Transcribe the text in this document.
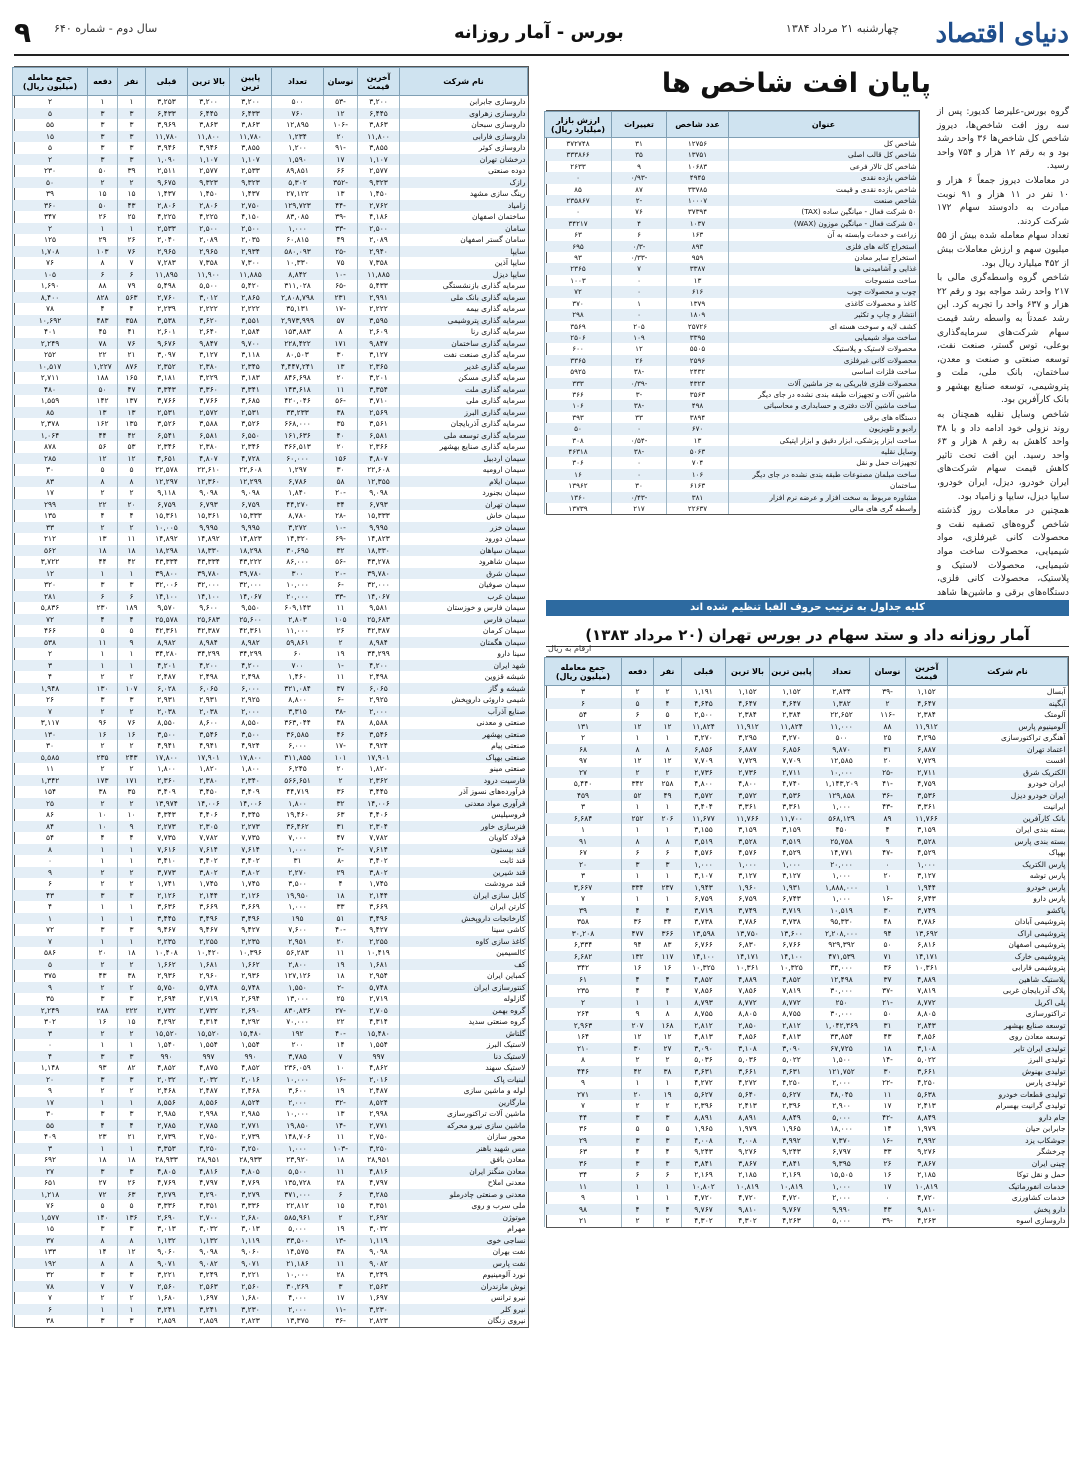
دنیای اقتصاد
چهارشنبه ۲۱ مرداد ۱۳۸۴
بورس - آمار روزانه
سال دوم - شماره ۶۴۰
۹
نام شرکت	آخرین قیمت	نوسان	تعداد	پایین ترین	بالا ترین	قبلی	نفر	دفعه	جمع معامله (میلیون ریال)
داروسازی جابرابن	۳,۲۰۰	-۵۳	۵۰۰	۳,۲۰۰	۳,۲۰۰	۳,۲۵۳	۱	۱	۲
داروسازی زهراوی	۶,۴۴۵	۱۲	۷۶۰	۶,۴۳۳	۶,۴۴۵	۶,۴۳۳	۳	۳	۵
داروسازی سبحان	۳,۸۶۳	-۱۰۶	۱۲,۸۹۵	۳,۸۶۳	۳,۸۶۳	۳,۹۶۹	۳	۳	۵۵
داروسازی فارابی	۱۱,۸۰۰	۲۰	۱,۲۳۴	۱۱,۷۸۰	۱۱,۸۰۰	۱۱,۷۸۰	۳	۳	۱۵
داروسازی کوثر	۳,۸۵۵	-۹۱	۱,۲۰۰	۳,۸۵۵	۳,۹۴۶	۳,۹۴۶	۳	۳	۵
درخشان تهران	۱,۱۰۷	۱۷	۱,۵۹۰	۱,۱۰۷	۱,۱۰۷	۱,۰۹۰	۳	۳	۲
دوده صنعتی	۲,۵۷۷	۶۶	۸۹,۸۵۱	۲,۵۳۳	۲,۵۷۷	۲,۵۱۱	۳۹	۵۰	۲۳۰
رازک	۹,۳۲۳	-۳۵۲	۵,۳۰۲	۹,۳۲۳	۹,۳۲۳	۹,۶۷۵	۲	۲	۵۰
رینگ سازی مشهد	۱,۴۵۰	۱۳	۲۷,۱۲۲	۱,۴۳۷	۱,۴۵۰	۱,۴۳۷	۱۵	۱۵	۳۹
زامیاد	۲,۷۶۲	-۴۴	۱۲۹,۷۲۳	۲,۷۵۰	۲,۸۰۶	۲,۸۰۶	۴۳	۵۰	۳۶۰
ساختمان اصفهان	۴,۱۸۶	-۳۹	۸۳,۰۸۵	۴,۱۵۰	۴,۲۲۵	۴,۲۲۵	۲۵	۲۶	۳۴۷
سامان	۲,۵۰۰	-۳۳	۱,۰۰۰	۲,۵۰۰	۲,۵۰۰	۲,۵۳۳	۱	۱	۲
سامان گستر اصفهان	۲,۰۸۹	۴۹	۶۰,۸۱۵	۲,۰۳۵	۲,۰۸۹	۲,۰۴۰	۲۶	۲۹	۱۲۵
سایپا	۲,۹۴۰	-۲۵	۵۸۰,۰۹۳	۲,۹۳۴	۲,۹۶۵	۲,۹۶۵	۷۶	۱۰۳	۱,۷۰۸
سایپا آذین	۷,۳۵۸	۷۵	۱۰,۳۳۰	۷,۳۰۰	۷,۳۵۸	۷,۲۸۳	۷	۸	۷۶
سایپا دیزل	۱۱,۸۸۵	-۱۰	۸,۸۴۲	۱۱,۸۸۵	۱۱,۹۰۰	۱۱,۸۹۵	۶	۶	۱۰۵
سرمایه گذاری بازنشستگی	۵,۴۳۳	-۶۵	۳۱۱,۰۲۸	۵,۴۲۰	۵,۵۰۰	۵,۴۹۸	۷۹	۸۸	۱,۶۹۰
سرمایه گذاری بانک ملی	۲,۹۹۱	۲۳۱	۲,۸۰۸,۷۹۸	۲,۸۶۵	۳,۰۱۲	۲,۷۶۰	۵۶۳	۸۲۸	۸,۴۰۰
سرمایه گذاری بیمه	۲,۲۲۲	-۱۷	۳۵,۱۳۱	۲,۲۲۲	۲,۲۲۲	۲,۲۳۹	۴	۴	۷۸
سرمایه گذاری پتروشیمی	۳,۵۹۵	۵۷	۲,۹۷۳,۹۹۹	۳,۵۵۱	۳,۶۲۰	۳,۵۳۸	۳۵۸	۴۸۳	۱۰,۶۹۲
سرمایه گذاری رنا	۲,۶۰۹	۸	۱۵۳,۸۸۳	۲,۵۸۴	۲,۶۴۰	۲,۶۰۱	۴۱	۴۵	۴۰۱
سرمایه گذاری ساختمان	۹,۸۴۷	۱۷۱	۲۲۸,۴۲۲	۹,۷۰۰	۹,۸۴۷	۹,۶۷۶	۷۶	۷۸	۲,۲۴۹
سرمایه گذاری صنعت نفت	۳,۱۲۷	۳۰	۸۰,۵۰۳	۳,۱۱۸	۳,۱۲۷	۳,۰۹۷	۲۱	۲۲	۲۵۲
سرمایه گذاری غدیر	۲,۳۶۵	۱۳	۴,۴۴۷,۲۴۱	۲,۳۴۵	۲,۳۸۰	۲,۳۵۲	۸۷۶	۱,۲۲۷	۱۰,۵۱۷
سرمایه گذاری مسکن	۳,۲۰۱	۲۰	۸۴۶,۶۹۸	۳,۱۸۳	۳,۲۲۹	۳,۱۸۱	۱۶۵	۱۸۸	۲,۷۱۱
سرمایه گذاری ملت	۳,۳۵۴	۱۱	۱۴۳,۶۱۸	۳,۳۴۱	۳,۳۶۰	۳,۳۴۳	۴۷	۵۰	۴۸۰
سرمایه گذاری ملی	۳,۷۱۰	-۵۶	۴۲۰,۰۴۶	۳,۶۸۵	۳,۷۶۶	۳,۷۶۶	۱۳۷	۱۴۲	۱,۵۵۹
سرمایه گذاری البرز	۲,۵۶۹	۳۸	۳۳,۲۳۳	۲,۵۳۱	۲,۵۷۲	۲,۵۳۱	۱۳	۱۳	۸۵
سرمایه گذاری آذربایجان	۳,۵۶۱	۳۵	۶۶۸,۰۰۰	۳,۵۲۶	۳,۵۸۸	۳,۵۲۶	۱۳۵	۱۶۲	۲,۳۷۸
سرمایه گذاری توسعه ملی	۶,۵۸۱	۴۰	۱۶۱,۶۳۶	۶,۵۵۰	۶,۵۸۱	۶,۵۴۱	۴۲	۴۴	۱,۰۶۴
سرمایه گذاری صنایع بهشهر	۲,۳۶۶	۲۰	۳۶۶,۵۱۳	۲,۳۴۶	۲,۳۸۰	۲,۳۴۶	۵۳	۵۶	۸۷۸
سیمان اردبیل	۴,۸۰۷	۱۵۶	۶۰,۰۰۰	۴,۷۲۸	۴,۸۰۷	۴,۶۵۱	۱۲	۱۲	۲۸۵
سیمان ارومیه	۲۲,۶۰۸	۳۰	۱,۲۹۷	۲۲,۶۰۸	۲۲,۶۱۰	۲۲,۵۷۸	۵	۵	۳۰
سیمان ایلام	۱۲,۳۵۵	۵۸	۶,۷۸۶	۱۲,۲۹۹	۱۲,۳۶۰	۱۲,۲۹۷	۸	۸	۸۳
سیمان بجنورد	۹,۰۹۸	-۲۰	۱,۸۴۰	۹,۰۹۸	۹,۰۹۸	۹,۱۱۸	۲	۲	۱۷
سیمان تهران	۶,۷۹۳	۳۴	۴۴,۲۷۰	۶,۷۵۹	۶,۷۹۳	۶,۷۵۹	۲۰	۲۲	۲۹۹
سیمان خاش	۱۵,۳۳۳	-۲۸	۸,۷۸۰	۱۵,۳۳۳	۱۵,۳۶۱	۱۵,۳۶۱	۴	۴	۱۳۵
سیمان خزر	۹,۹۹۵	-۱۰	۳,۲۷۲	۹,۹۹۵	۹,۹۹۵	۱۰,۰۰۵	۲	۲	۳۳
سیمان دورود	۱۴,۸۲۳	-۶۹	۱۴,۳۲۰	۱۴,۸۲۳	۱۴,۸۹۲	۱۴,۸۹۲	۱۱	۱۳	۲۱۲
سیمان سپاهان	۱۸,۳۳۰	۳۲	۳۰,۶۹۵	۱۸,۲۹۸	۱۸,۳۳۰	۱۸,۲۹۸	۱۸	۱۸	۵۶۲
سیمان شاهرود	۴۳,۲۷۸	-۵۶	۸۶,۰۰۰	۴۳,۲۲۲	۴۳,۳۳۴	۴۳,۳۳۴	۴۲	۴۴	۳,۷۲۲
سیمان شرق	۳۹,۷۸۰	-۲۰	۳۰۰	۳۹,۷۸۰	۳۹,۷۸۰	۳۹,۸۰۰	۱	۱	۱۲
سیمان صوفیان	۳۲,۰۰۰	-۶	۱۰,۰۰۰	۳۲,۰۰۰	۳۲,۰۰۰	۳۲,۰۰۶	۳	۳	۳۲۰
سیمان غرب	۱۴,۰۶۷	-۳۳	۲۰,۰۰۰	۱۴,۰۶۷	۱۴,۱۰۰	۱۴,۱۰۰	۶	۶	۲۸۱
سیمان فارس و خوزستان	۹,۵۸۱	۱۱	۶۰۹,۱۴۳	۹,۵۵۰	۹,۶۰۰	۹,۵۷۰	۱۸۹	۲۳۰	۵,۸۳۶
سیمان فارس	۲۵,۶۸۳	۱۰۵	۲,۸۰۳	۲۵,۶۰۰	۲۵,۶۸۳	۲۵,۵۷۸	۴	۴	۷۲
سیمان کرمان	۴۲,۳۸۷	۲۶	۱۱,۰۰۰	۴۲,۳۶۱	۴۲,۳۸۷	۴۲,۳۶۱	۵	۵	۴۶۶
سیمان هگمتان	۸,۹۸۴	۲	۵۹,۸۶۱	۸,۹۸۲	۸,۹۸۴	۸,۹۸۲	۹	۱۱	۵۳۸
سینا دارو	۳۴,۲۹۹	۱۹	۶۰	۳۴,۲۹۹	۳۴,۲۹۹	۳۴,۲۸۰	۱	۱	۲
شهد ایران	۴,۲۰۰	-۱	۷۰۰	۴,۲۰۰	۴,۲۰۰	۴,۲۰۱	۱	۱	۳
شیشه قزوین	۲,۴۹۸	۱۱	۱,۴۶۰	۲,۴۹۸	۲,۴۹۸	۲,۴۸۷	۲	۲	۴
شیشه و گاز	۶,۰۶۵	۳۷	۳۲۱,۰۸۴	۶,۰۰۰	۶,۰۶۵	۶,۰۲۸	۱۰۷	۱۳۰	۱,۹۴۸
شیمی داروئی داروپخش	۲,۹۲۵	-۶	۸,۸۰۰	۲,۹۲۵	۲,۹۳۱	۲,۹۳۱	۳	۳	۲۶
صنایع آذرآب	۲,۰۰۰	-۳۸	۳,۳۱۵	۲,۰۰۰	۲,۰۳۸	۲,۰۳۸	۲	۲	۷
صنعتی و معدنی	۸,۵۸۸	۳۸	۳۶۳,۰۴۴	۸,۵۵۰	۸,۶۰۰	۸,۵۵۰	۷۶	۹۶	۳,۱۱۷
صنعتی بهشهر	۳,۵۴۶	۴۶	۳۶,۵۸۵	۳,۵۰۰	۳,۵۴۶	۳,۵۰۰	۱۶	۱۶	۱۳۰
صنعتی پیام	۴,۹۲۴	-۱۷	۶,۰۰۰	۴,۹۲۴	۴,۹۴۱	۴,۹۴۱	۲	۲	۳۰
صنعتی بهپاک	۱۷,۹۰۱	۱۰۱	۳۱۱,۸۵۵	۱۷,۸۰۰	۱۷,۹۰۱	۱۷,۸۰۰	۲۴۳	۲۳۵	۵,۵۸۵
صنعتی مینو	۱,۸۲۰	۲۰	۶,۲۴۵	۱,۸۰۰	۱,۸۲۰	۱,۸۰۰	۲	۲	۱۱
فارسیت درود	۲,۳۶۲	۲	۵۶۶,۶۵۱	۲,۳۴۰	۲,۳۸۰	۲,۳۶۰	۱۷۱	۱۷۳	۱,۳۴۲
فرآورده‌های نسوز آذر	۳,۴۴۵	۳۶	۴۴,۷۱۹	۳,۴۰۹	۳,۴۵۰	۳,۴۰۹	۳۵	۳۸	۱۵۴
فرآوری مواد معدنی	۱۴,۰۰۶	۳۲	۱,۸۰۰	۱۴,۰۰۶	۱۴,۰۰۶	۱۳,۹۷۴	۲	۲	۲۵
فروسیلیس	۴,۴۰۶	۶۳	۱۹,۴۶۰	۴,۳۴۵	۴,۴۰۶	۴,۳۴۳	۱۰	۱۰	۸۶
فنرسازی خاور	۲,۳۰۴	۳۱	۳۶,۴۶۲	۲,۲۷۳	۲,۳۰۵	۲,۲۷۳	۹	۱۰	۸۴
فولاد کاویان	۷,۷۸۲	۴۷	۷,۰۰۰	۷,۷۳۵	۷,۷۸۲	۷,۷۳۵	۴	۴	۵۴
قند بیستون	۷,۶۱۴	-۲	۱,۰۰۰	۷,۶۱۴	۷,۶۱۴	۷,۶۱۶	۱	۱	۸
قند ثابت	۳,۴۰۲	-۸	۳۱	۳,۴۰۲	۳,۴۰۲	۳,۴۱۰	۱	۱	۰
قند شیرین	۳,۸۰۲	۲۹	۲,۲۷۰	۳,۸۰۲	۳,۸۰۲	۳,۷۷۳	۲	۲	۹
قند مرودشت	۱,۷۴۵	۴	۳,۵۰۰	۱,۷۴۵	۱,۷۴۵	۱,۷۴۱	۲	۲	۶
کابل سازی ایران	۲,۱۴۴	۱۸	۱۹,۹۵۰	۲,۱۲۶	۲,۱۴۴	۲,۱۲۶	۳	۳	۴۳
کارتن ایران	۳,۶۶۹	۳۳	۱,۰۰۰	۳,۶۶۹	۳,۶۶۹	۳,۶۳۶	۱	۱	۴
کارخانجات داروپخش	۳,۴۹۶	۵۱	۱۹۵	۳,۴۹۶	۳,۴۹۶	۳,۴۴۵	۱	۱	۱
کاشی سینا	۹,۴۲۷	-۴۰	۷,۶۰۰	۹,۴۲۷	۹,۴۶۷	۹,۴۶۷	۳	۳	۷۲
کاغذ سازی کاوه	۲,۲۵۵	۲۰	۲,۹۵۱	۲,۲۳۵	۲,۲۵۵	۲,۲۳۵	۱	۱	۷
کالسیمین	۱۰,۴۱۹	۱۱	۵۶,۲۸۳	۱۰,۳۹۶	۱۰,۴۲۰	۱۰,۴۰۸	۱۸	۲۰	۵۸۶
کف	۱,۶۸۱	۱۹	۲,۸۰۰	۱,۶۶۲	۱,۶۸۱	۱,۶۶۲	۲	۲	۵
کمباین ایران	۲,۹۵۴	۱۸	۱۲۷,۱۲۶	۲,۹۳۶	۲,۹۶۰	۲,۹۳۶	۳۸	۴۳	۳۷۵
کنتورسازی ایران	۵,۷۴۸	-۲	۱,۵۵۰	۵,۷۴۸	۵,۷۴۸	۵,۷۵۰	۲	۲	۹
گازلوله	۲,۷۱۹	۲۵	۱۳,۰۰۰	۲,۶۹۴	۲,۷۱۹	۲,۶۹۴	۳	۳	۳۵
گروه بهمن	۲,۷۰۵	-۲۷	۸۳۰,۸۳۶	۲,۶۹۰	۲,۷۳۲	۲,۷۳۲	۲۲۲	۲۸۸	۲,۲۴۹
گروه صنعتی سدید	۴,۳۱۴	۲۲	۷۰,۰۰۰	۴,۲۹۲	۴,۳۱۴	۴,۲۹۲	۱۵	۱۶	۳۰۲
گلتاش	۱۵,۴۸۰	-۴۰	۱۹۲	۱۵,۴۸۰	۱۵,۵۲۰	۱۵,۵۲۰	۲	۲	۳
لاستیک البرز	۱,۵۵۴	۱۴	۲۰۰	۱,۵۵۴	۱,۵۵۴	۱,۵۴۰	۱	۱	۰
لاستیک دنا	۹۹۷	۷	۳,۷۸۵	۹۹۰	۹۹۷	۹۹۰	۳	۳	۴
لاستیک سهند	۴,۸۶۲	۱۰	۲۳۶,۰۵۹	۴,۸۵۲	۴,۸۷۵	۴,۸۵۲	۸۲	۹۳	۱,۱۴۸
لبنیات پاک	۲,۰۱۶	-۱۶	۱۰,۰۰۰	۲,۰۱۶	۲,۰۳۲	۲,۰۳۲	۳	۳	۲۰
لوله و ماشین سازی	۲,۴۸۷	۱۹	۳,۶۰۰	۲,۴۶۸	۲,۴۸۷	۲,۴۶۸	۲	۲	۹
مارگارین	۸,۵۲۴	-۳۲	۲,۰۰۰	۸,۵۲۴	۸,۵۵۶	۸,۵۵۶	۱	۱	۱۷
ماشین آلات تراکتورسازی	۲,۹۹۸	۱۳	۱۰,۰۰۰	۲,۹۸۵	۲,۹۹۸	۲,۹۸۵	۳	۳	۳۰
ماشین سازی نیرو محرکه	۲,۷۷۱	-۱۴	۱۹,۸۵۰	۲,۷۷۱	۲,۷۸۵	۲,۷۸۵	۴	۴	۵۵
محور سازان	۲,۷۵۰	۱۱	۱۴۸,۷۰۶	۲,۷۳۹	۲,۷۵۰	۲,۷۳۹	۲۱	۲۳	۴۰۹
مس شهید باهنر	۳,۲۵۰	-۱۰۳	۱,۰۰۰	۳,۲۵۰	۳,۲۵۰	۳,۳۵۳	۱	۱	۳
معادن بافق	۲۸,۹۵۱	۱۸	۲۳,۹۲۰	۲۸,۹۳۳	۲۸,۹۵۱	۲۸,۹۳۳	۱۸	۱۸	۶۹۲
معادن منگنز ایران	۴,۸۱۶	۱۱	۵,۵۰۰	۴,۸۰۵	۴,۸۱۶	۴,۸۰۵	۳	۳	۲۷
معدنی املاح	۴,۷۹۷	۲۸	۱۳۵,۷۲۸	۴,۷۶۹	۴,۷۹۷	۴,۷۶۹	۲۶	۲۷	۶۵۱
معدنی و صنعتی چادرملو	۳,۲۸۵	۶	۳۷۱,۰۰۰	۳,۲۷۹	۳,۲۹۰	۳,۲۷۹	۶۳	۷۲	۱,۲۱۸
ملی سرب و روی	۳,۳۵۱	۱۵	۲۲,۸۱۲	۳,۳۳۶	۳,۳۵۱	۳,۳۳۶	۵	۵	۷۶
موتوژن	۲,۶۹۲	۲	۵۸۵,۹۶۱	۲,۶۸۰	۲,۷۰۰	۲,۶۹۰	۱۳۶	۱۴۰	۱,۵۷۷
مهرام	۳,۰۳۲	۱۹	۵,۰۰۰	۳,۰۱۳	۳,۰۳۲	۳,۰۱۳	۳	۳	۱۵
نساجی خوی	۱,۱۱۹	-۱۳	۳۳,۵۰۰	۱,۱۱۹	۱,۱۳۲	۱,۱۳۲	۸	۸	۳۷
نفت بهران	۹,۰۹۸	۳۸	۱۴,۵۷۵	۹,۰۶۰	۹,۰۹۸	۹,۰۶۰	۱۲	۱۴	۱۳۳
نفت پارس	۹,۰۸۲	۱۱	۲۱,۱۸۶	۹,۰۷۱	۹,۰۸۲	۹,۰۷۱	۸	۸	۱۹۲
نورد آلومینیوم	۳,۲۴۹	۲۸	۱۰,۰۰۰	۳,۲۲۱	۳,۲۴۹	۳,۲۲۱	۳	۳	۳۲
نوش مازندران	۲,۵۶۳	۳	۳۰,۲۶۹	۲,۵۶۰	۲,۵۶۳	۲,۵۶۰	۷	۷	۷۸
نیرو ترانس	۱,۶۹۷	۱۷	۴,۰۰۰	۱,۶۸۰	۱,۶۹۷	۱,۶۸۰	۲	۲	۷
نیرو کلر	۳,۲۳۰	-۱۱	۲,۰۰۰	۳,۲۳۰	۳,۲۴۱	۳,۲۴۱	۱	۱	۶
نیروی زنگان	۲,۸۲۳	-۳۶	۱۳,۳۷۵	۲,۸۲۳	۲,۸۵۹	۲,۸۵۹	۳	۳	۳۸
پایان افت شاخص ها

گروه بورس-علیرضا کدیور: پس از سه روز افت شاخص‌ها، دیروز شاخص کل شاخص‌ها ۳۶ واحد رشد بود و به رقم ۱۲ هزار و ۷۵۴ واحد رسید.

در معاملات دیروز جمعاً ۶ هزار و ۱۰ نفر در ۱۱ هزار و ۹۱ نوبت مبادرت به دادوستد سهام ۱۷۲ شرکت کردند.

تعداد سهام معامله شده بیش از ۵۵ میلیون سهم و ارزش معاملات بیش از ۴۵۲ میلیارد ریال بود.

شاخص گروه واسطه‌گری مالی با ۲۱۷ واحد رشد مواجه بود و رقم ۲۲ هزار و ۶۳۷ واحد را تجربه کرد. این رشد عمدتاً به واسطه رشد قیمت سهام شرکت‌های سرمایه‌گذاری بوعلی، توس گستر، صنعت نفت، توسعه صنعتی و صنعت و معدن، ساختمان، بانک ملی، ملت و پتروشیمی، توسعه صنایع بهشهر و بانک کارآفرین بود.

شاخص وسایل نقلیه همچنان به روند نزولی خود ادامه داد و با ۳۸ واحد کاهش به رقم ۸ هزار و ۶۳ واحد رسید. این افت تحت تاثیر کاهش قیمت سهام شرکت‌های ایران خودرو، دیزل، ایران خودرو، سایپا دیزل، سایپا و زامیاد بود.

همچنین در معاملات روز گذشته شاخص گروه‌های تصفیه نفت و محصولات کانی غیرفلزی، مواد شیمیایی، محصولات ساخت مواد شیمیایی، محصولات لاستیک و پلاستیک، محصولات کانی فلزی، دستگاه‌های برقی و ماشین‌ها شاهد

عنوان	عدد شاخص	تغییرات	ارزش بازار (میلیارد ریال)
شاخص کل	۱۲۷۵۶	۳۱	۳۷۲۷۴۸
شاخص کل قالب اصلی	۱۳۷۵۱	۳۵	۳۳۳۸۶۶
شاخص کل تالار فرعی	۱۰۶۸۳	۹	۲۶۳۳
شاخص بازده نقدی	۴۹۴۵	-۰/۹۳	۰
شاخص بازده نقدی و قیمت	۳۳۷۸۵	۸۷	۸۵
شاخص صنعت	۱۰۰۰۷	-۲	۲۳۵۸۶۷
۵۰ شرکت فعال - میانگین ساده (TAX)	۳۷۳۹۴	۷۶	۰
۵۰ شرکت فعال - میانگین موزون (WAX)	۱۰۳۷	۴	۳۴۲۱۷
زراعت و خدمات وابسته به آن	۱۶۳	۶	۶۳
استخراج کانه های فلزی	۸۹۳	-۰/۳	۶۹۵
استخراج سایر معادن	۹۵۹	-۰/۳۳	۹۳
غذایی و آشامیدنی ها	۳۳۸۷	۷	۲۳۶۵
ساخت منسوجات	۱۳	۰	۱۰۰۳
چوب و محصولات چوب	۶۱۶	۰	۷۲
کاغذ و محصولات کاغذی	۱۳۷۹	۱	۳۷۰
انتشار و چاپ و تکثیر	۱۸۰۹	۰	۲۹۸
کشف لایه و سوخت هسته ای	۲۵۷۲۶	۲۰۵	۳۵۶۹
ساخت مواد شیمیایی	۳۳۹۵	۱۰۹	۲۵۰۶
محصولات لاستیک و پلاستیک	۵۵۰۵	۱۲	۶۰۰
محصولات کانی غیرفلزی	۲۵۹۶	۲۶	۳۳۶۵
ساخت فلزات اساسی	۲۴۳۲	-۳۸	۵۹۲۵
محصولات فلزی فابریکی به جز ماشین آلات	۴۳۲۳	-۰/۳۹	۳۳۳
ماشین آلات و تجهیزات طبقه بندی نشده در جای دیگر	۳۵۶۳	-۳	۳۶۶
ساخت ماشین آلات دفتری و حسابداری و محاسباتی	۴۹۸	-۳۸	۱۰۶
دستگاه های برقی	۳۸۹۴	۳۳	۳۹۳
رادیو و تلویزیون	۶۷۰	۰	۵۰
ساخت ابزار پزشکی، ابزار دقیق و ابزار اپتیکی	۱۳	-۰/۵۴	۳۰۸
وسایل نقلیه	۵۰۶۳	-۳۸	۴۶۳۱۸
تجهیزات حمل و نقل	۷۰۴	۰	۳۰۶
ساخت مبلمان مصنوعات طبقه بندی نشده در جای دیگر	۱۰۶	۰	۱۶
ساختمان	۶۱۶۳	۳۰	۱۳۹۶۲
مشاوره مربوط به سخت افزار و عرضه نرم افزار	۳۸۱	-۰/۴۳	۱۳۶۰
واسطه گری های مالی	۲۲۶۳۷	۲۱۷	۱۳۷۳۹
کلیه جداول به ترتیب حروف الفبا تنظیم شده اند
آمار روزانه داد و ستد سهام در بورس تهران (۲۰ مرداد ۱۳۸۳)
ارقام به ریال
نام شرکت	آخرین قیمت	نوسان	تعداد	پایین ترین	بالا ترین	قبلی	نفر	دفعه	جمع معامله (میلیون ریال)
آبسال	۱,۱۵۲	-۳۹	۲,۸۳۴	۱,۱۵۲	۱,۱۵۲	۱,۱۹۱	۲	۲	۳
آبگینه	۴,۶۴۷	۲	۱,۳۸۲	۴,۶۴۷	۴,۶۴۷	۴,۶۴۵	۴	۵	۶
آلومتک	۲,۳۸۴	-۱۱۶	۲۲,۶۵۲	۲,۳۸۴	۲,۳۸۴	۲,۵۰۰	۵	۶	۵۴
آلومینیوم پارس	۱۱,۹۱۲	۸۸	۱۱,۰۰۰	۱۱,۸۲۴	۱۱,۹۱۲	۱۱,۸۲۴	۱۲	۱۲	۱۳۱
آهنگری تراکتورسازی	۳,۲۹۵	۲۵	۵۰۰	۳,۲۷۰	۳,۲۹۵	۳,۲۷۰	۱	۱	۲
اعتماد تهران	۶,۸۸۷	۳۱	۹,۸۷۰	۶,۸۵۶	۶,۸۸۷	۶,۸۵۶	۸	۸	۶۸
افست	۷,۷۲۹	۲۰	۱۲,۵۸۵	۷,۷۰۹	۷,۷۲۹	۷,۷۰۹	۱۲	۱۲	۹۷
الکتریک شرق	۲,۷۱۱	-۲۵	۱۰,۰۰۰	۲,۷۱۱	۲,۷۳۶	۲,۷۳۶	۲	۲	۲۷
ایران خودرو	۴,۷۵۹	-۴۱	۱,۱۴۳,۲۰۹	۴,۷۴۰	۴,۸۰۰	۴,۸۰۰	۲۵۸	۳۴۲	۵,۴۴۰
ایران خودرو دیزل	۳,۵۳۶	-۳۶	۱۲۹,۸۵۸	۳,۵۳۶	۳,۵۷۲	۳,۵۷۲	۴۹	۵۲	۴۵۹
ایرانیت	۳,۳۶۱	-۴۳	۱,۰۰۰	۳,۳۶۱	۳,۳۶۱	۳,۴۰۴	۱	۱	۳
بانک کارآفرین	۱۱,۷۶۶	۸۹	۵۶۸,۱۲۹	۱۱,۷۰۰	۱۱,۷۶۶	۱۱,۶۷۷	۲۰۶	۲۵۲	۶,۶۸۴
بسته بندی ایران	۳,۱۵۹	۴	۴۵۰	۳,۱۵۹	۳,۱۵۹	۳,۱۵۵	۱	۱	۱
بسته بندی پارس	۳,۵۲۸	۹	۲۵,۷۵۸	۳,۵۱۹	۳,۵۲۸	۳,۵۱۹	۸	۸	۹۱
بهپاک	۴,۵۲۹	-۴۷	۱۴,۷۷۱	۴,۵۲۹	۴,۵۷۶	۴,۵۷۶	۶	۶	۶۷
پارس الکتریک	۱,۰۰۰	۰	۲۰,۰۰۰	۱,۰۰۰	۱,۰۰۰	۱,۰۰۰	۳	۳	۲۰
پارس توشه	۳,۱۲۷	۲۰	۱,۰۰۰	۳,۱۲۷	۳,۱۲۷	۳,۱۰۷	۱	۱	۳
پارس خودرو	۱,۹۴۴	۱	۱,۸۸۸,۰۰۰	۱,۹۳۱	۱,۹۶۰	۱,۹۴۳	۲۳۷	۳۳۴	۳,۶۶۷
پارس دارو	۶,۷۴۳	-۱۶	۱,۰۰۰	۶,۷۴۳	۶,۷۵۹	۶,۷۵۹	۱	۱	۷
پاکشو	۳,۷۴۹	۳۰	۱۰,۵۱۹	۳,۷۱۹	۳,۷۴۹	۳,۷۱۹	۴	۴	۳۹
پتروشیمی آبادان	۳,۷۸۶	۴۸	۹۵,۳۳۰	۳,۷۳۸	۳,۷۸۶	۳,۷۳۸	۳۴	۳۶	۳۵۸
پتروشیمی اراک	۱۳,۶۹۲	۹۴	۲,۲۰۸,۰۰۰	۱۳,۶۰۰	۱۳,۷۵۰	۱۳,۵۹۸	۳۶۶	۴۷۷	۳۰,۲۰۸
پتروشیمی اصفهان	۶,۸۱۶	۵۰	۹۲۹,۳۹۲	۶,۷۶۶	۶,۸۳۰	۶,۷۶۶	۸۳	۹۴	۶,۳۳۴
پتروشیمی خارک	۱۴,۱۷۱	۷۱	۴۷۱,۵۳۹	۱۴,۱۰۰	۱۴,۱۷۱	۱۴,۱۰۰	۱۱۷	۱۳۲	۶,۶۸۲
پتروشیمی فارابی	۱۰,۳۶۱	۳۶	۳۳,۰۰۰	۱۰,۳۲۵	۱۰,۳۶۱	۱۰,۳۲۵	۱۶	۱۶	۳۴۲
پلاستیک شاهین	۴,۸۸۹	۳۷	۱۲,۴۹۸	۴,۸۵۲	۴,۸۸۹	۴,۸۵۲	۴	۴	۶۱
پلاک آذربایجان غربی	۷,۸۱۹	-۳۷	۳۰,۰۰۰	۷,۸۱۹	۷,۸۵۶	۷,۸۵۶	۴	۴	۲۳۵
پلی اکریل	۸,۷۷۲	-۲۱	۲۵۰	۸,۷۷۲	۸,۷۷۲	۸,۷۹۳	۱	۱	۲
تراکتورسازی	۸,۸۰۵	۵۰	۳۰,۰۰۰	۸,۷۵۵	۸,۸۰۵	۸,۷۵۵	۸	۹	۲۶۴
توسعه صنایع بهشهر	۲,۸۴۳	۳۱	۱,۰۴۲,۳۶۹	۲,۸۱۲	۲,۸۵۰	۲,۸۱۲	۱۶۸	۲۰۷	۲,۹۶۳
توسعه معادن روی	۴,۸۵۶	۴۳	۳۳,۸۵۴	۴,۸۱۳	۴,۸۵۶	۴,۸۱۳	۱۲	۱۲	۱۶۴
تولیدی ایران تایر	۳,۱۰۸	۱۸	۶۷,۷۲۵	۳,۰۹۰	۳,۱۰۸	۳,۰۹۰	۲۷	۳۰	۲۱۰
تولیدی البرز	۵,۰۲۲	-۱۴	۱,۵۰۰	۵,۰۲۲	۵,۰۳۶	۵,۰۳۶	۲	۲	۸
تولیدی بهنوش	۳,۶۶۱	۳۰	۱۲۱,۷۵۲	۳,۶۳۱	۳,۶۶۱	۳,۶۳۱	۳۸	۴۲	۴۴۶
تولیدی پارس	۴,۲۵۰	-۲۲	۲,۰۰۰	۴,۲۵۰	۴,۲۷۲	۴,۲۷۲	۱	۱	۹
تولیدی قطعات خودرو	۵,۶۳۸	۱۱	۴۸,۰۴۵	۵,۶۲۷	۵,۶۴۰	۵,۶۲۷	۱۹	۲۰	۲۷۱
تولیدی گرانیت بهسرام	۲,۴۱۳	۱۷	۲,۹۰۰	۲,۳۹۶	۲,۴۱۳	۲,۳۹۶	۲	۲	۷
جام دارو	۸,۸۴۹	-۴۲	۵,۰۰۰	۸,۸۴۹	۸,۸۹۱	۸,۸۹۱	۳	۳	۴۴
جابرابن حیان	۱,۹۷۹	۱۴	۱۸,۰۰۰	۱,۹۶۵	۱,۹۷۹	۱,۹۶۵	۵	۵	۳۶
جوشکاب یزد	۳,۹۹۲	-۱۶	۷,۳۷۰	۳,۹۹۲	۴,۰۰۸	۴,۰۰۸	۳	۳	۲۹
چرخشگر	۹,۲۷۶	۳۳	۶,۷۹۷	۹,۲۴۳	۹,۲۷۶	۹,۲۴۳	۴	۴	۶۳
چینی ایران	۳,۸۶۷	۲۶	۹,۳۹۵	۳,۸۴۱	۳,۸۶۷	۳,۸۴۱	۳	۳	۳۶
حمل و نقل توکا	۲,۱۸۵	۱۶	۱۵,۵۰۵	۲,۱۶۹	۲,۱۸۵	۲,۱۶۹	۶	۶	۳۴
خدمات انفورماتیک	۱۰,۸۱۹	۱۷	۱,۰۰۰	۱۰,۸۱۹	۱۰,۸۱۹	۱۰,۸۰۲	۱	۱	۱۱
خدمات کشاورزی	۴,۷۲۰	۰	۲,۰۰۰	۴,۷۲۰	۴,۷۲۰	۴,۷۲۰	۱	۱	۹
دارو پخش	۹,۸۱۰	۴۳	۹,۹۹۰	۹,۷۶۷	۹,۸۱۰	۹,۷۶۷	۴	۴	۹۸
داروسازی اسوه	۴,۲۶۳	-۳۹	۵,۰۰۰	۴,۲۶۳	۴,۳۰۲	۴,۳۰۲	۲	۲	۲۱
